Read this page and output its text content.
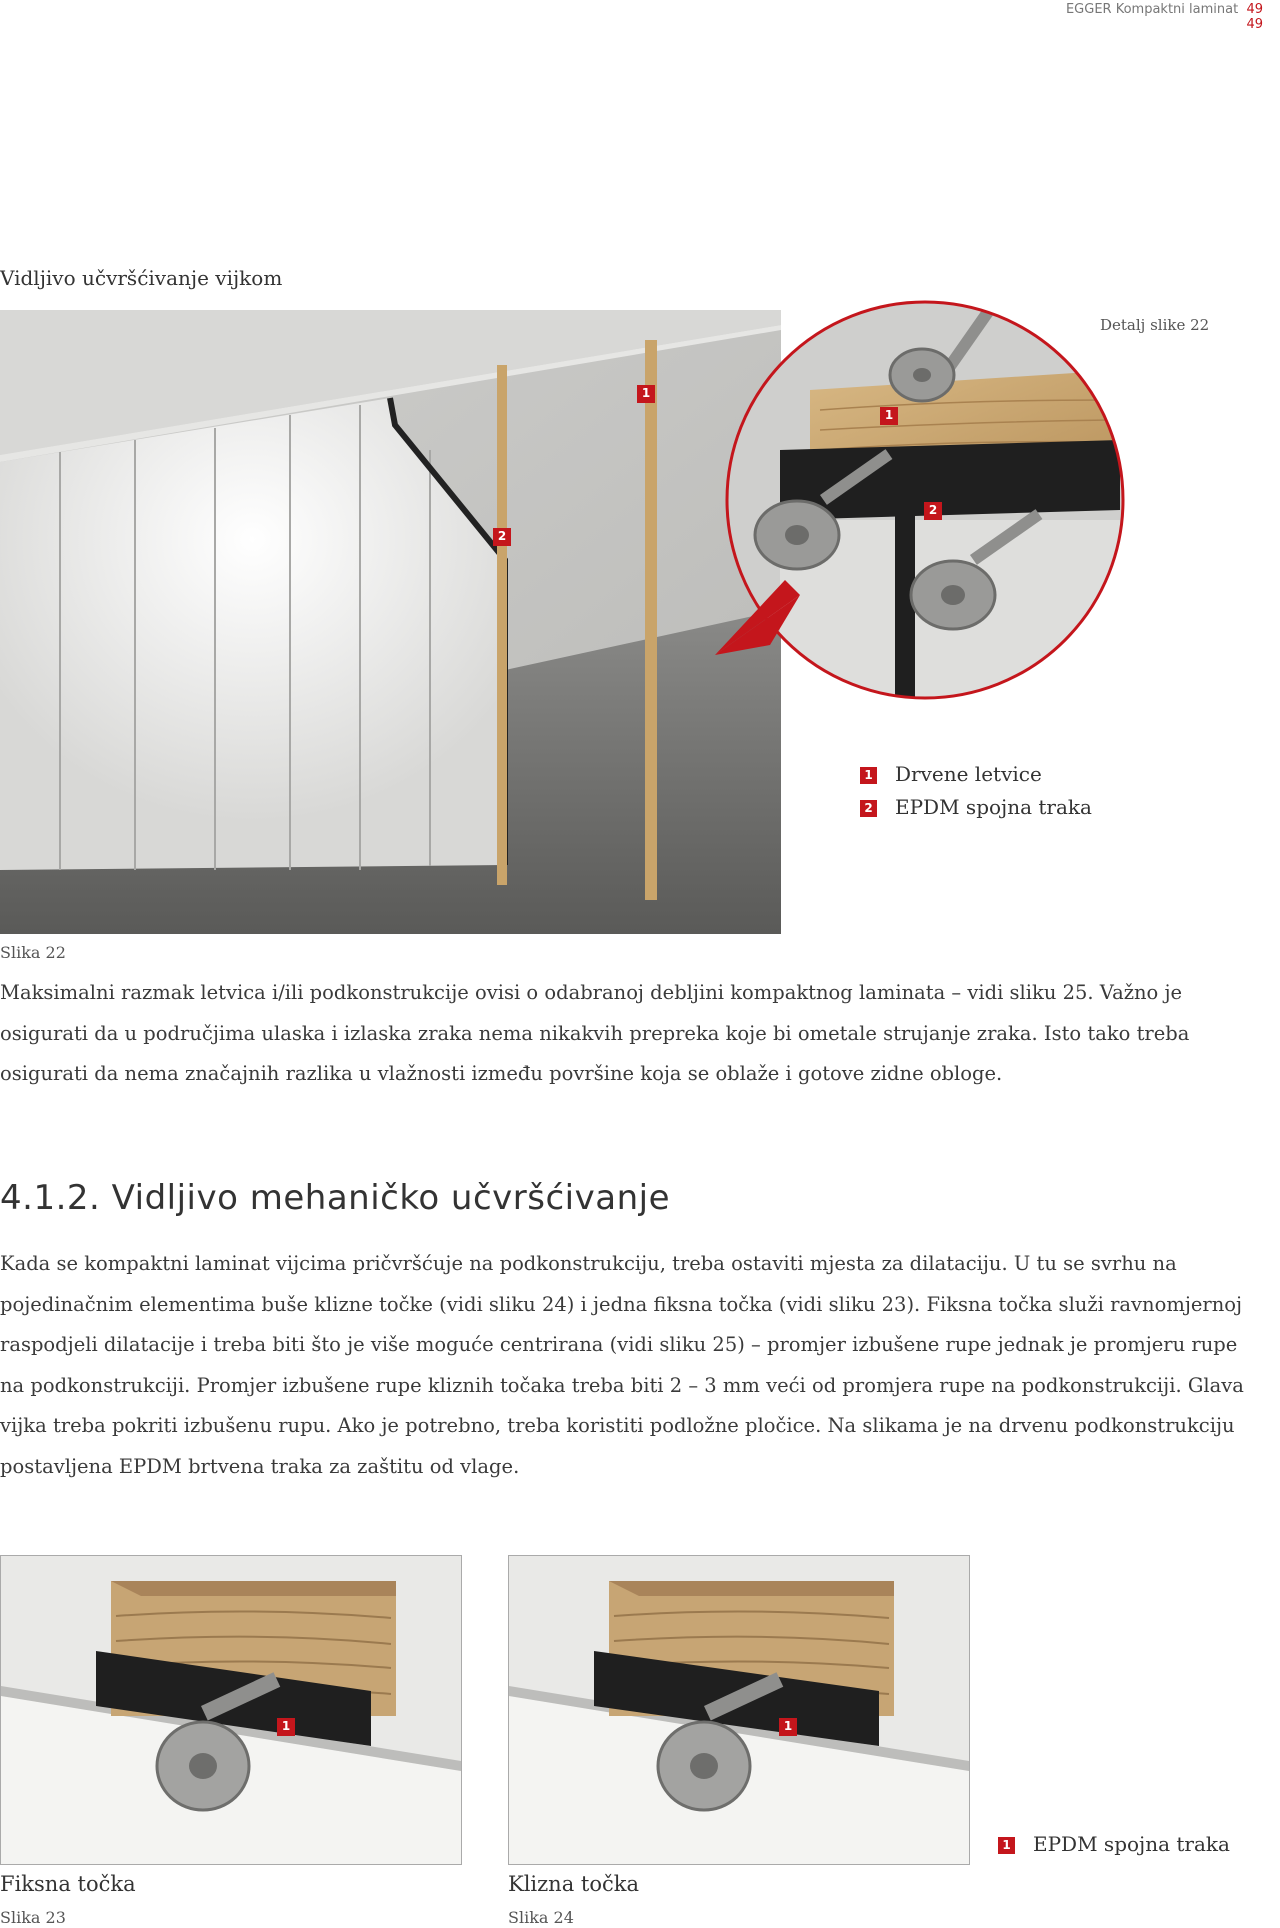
EGGER Kompaktni laminat 49
49
Vidljivo učvršćivanje vijkom
1
2
1
2
Detalj slike 22
1 Drvene letvice
2 EPDM spojna traka
Slika 22
Maksimalni razmak letvica i/ili podkonstrukcije ovisi o odabranoj debljini kompaktnog laminata – vidi sliku 25. Važno je osigurati da u područjima ulaska i izlaska zraka nema nikakvih prepreka koje bi ometale strujanje zraka. Isto tako treba osigurati da nema značajnih razlika u vlažnosti između površine koja se oblaže i gotove zidne obloge.
4.1.2. Vidljivo mehaničko učvršćivanje
Kada se kompaktni laminat vijcima pričvršćuje na podkonstrukciju, treba ostaviti mjesta za dilataciju. U tu se svrhu na pojedinačnim elementima buše klizne točke (vidi sliku 24) i jedna fiksna točka (vidi sliku 23). Fiksna točka služi ravnomjernoj raspodjeli dilatacije i treba biti što je više moguće centrirana (vidi sliku 25) – promjer izbušene rupe jednak je promjeru rupe na podkonstrukciji. Promjer izbušene rupe kliznih točaka treba biti 2 – 3 mm veći od promjera rupe na podkonstrukciji. Glava vijka treba pokriti izbušenu rupu. Ako je potrebno, treba koristiti podložne pločice. Na slikama je na drvenu podkonstrukciju postavljena EPDM brtvena traka za zaštitu od vlage.
1
Fiksna točka
Slika 23
1
Klizna točka
Slika 24
1 EPDM spojna traka
